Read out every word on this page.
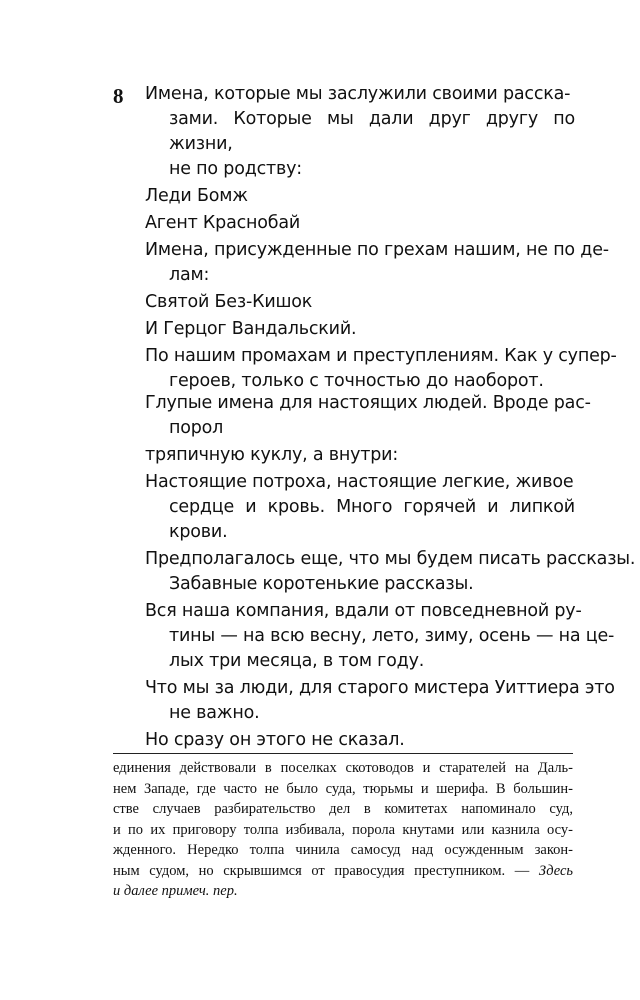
8 Имена, которые мы заслужили своими расска-
зами. Которые мы дали друг другу по жизни,
не по родству:
Леди Бомж
Агент Краснобай
Имена, присужденные по грехам нашим, не по де-
лам:
Святой Без-Кишок
И Герцог Вандальский.
По нашим промахам и преступлениям. Как у супер-
героев, только с точностью до наоборот.
Глупые имена для настоящих людей. Вроде рас-
порол
тряпичную куклу, а внутри:
Настоящие потроха, настоящие легкие, живое
сердце и кровь. Много горячей и липкой
крови.
Предполагалось еще, что мы будем писать рассказы.
Забавные коротенькие рассказы.
Вся наша компания, вдали от повседневной ру-
тины — на всю весну, лето, зиму, осень — на це-
лых три месяца, в том году.
Что мы за люди, для старого мистера Уиттиера это
не важно.
Но сразу он этого не сказал.
единения действовали в поселках скотоводов и старателей на Даль-
нем Западе, где часто не было суда, тюрьмы и шерифа. В большин-
стве случаев разбирательство дел в комитетах напоминало суд,
и по их приговору толпа избивала, порола кнутами или казнила осу-
жденного. Нередко толпа чинила самосуд над осужденным закон-
ным судом, но скрывшимся от правосудия преступником. — Здесь
и далее примеч. пер.
